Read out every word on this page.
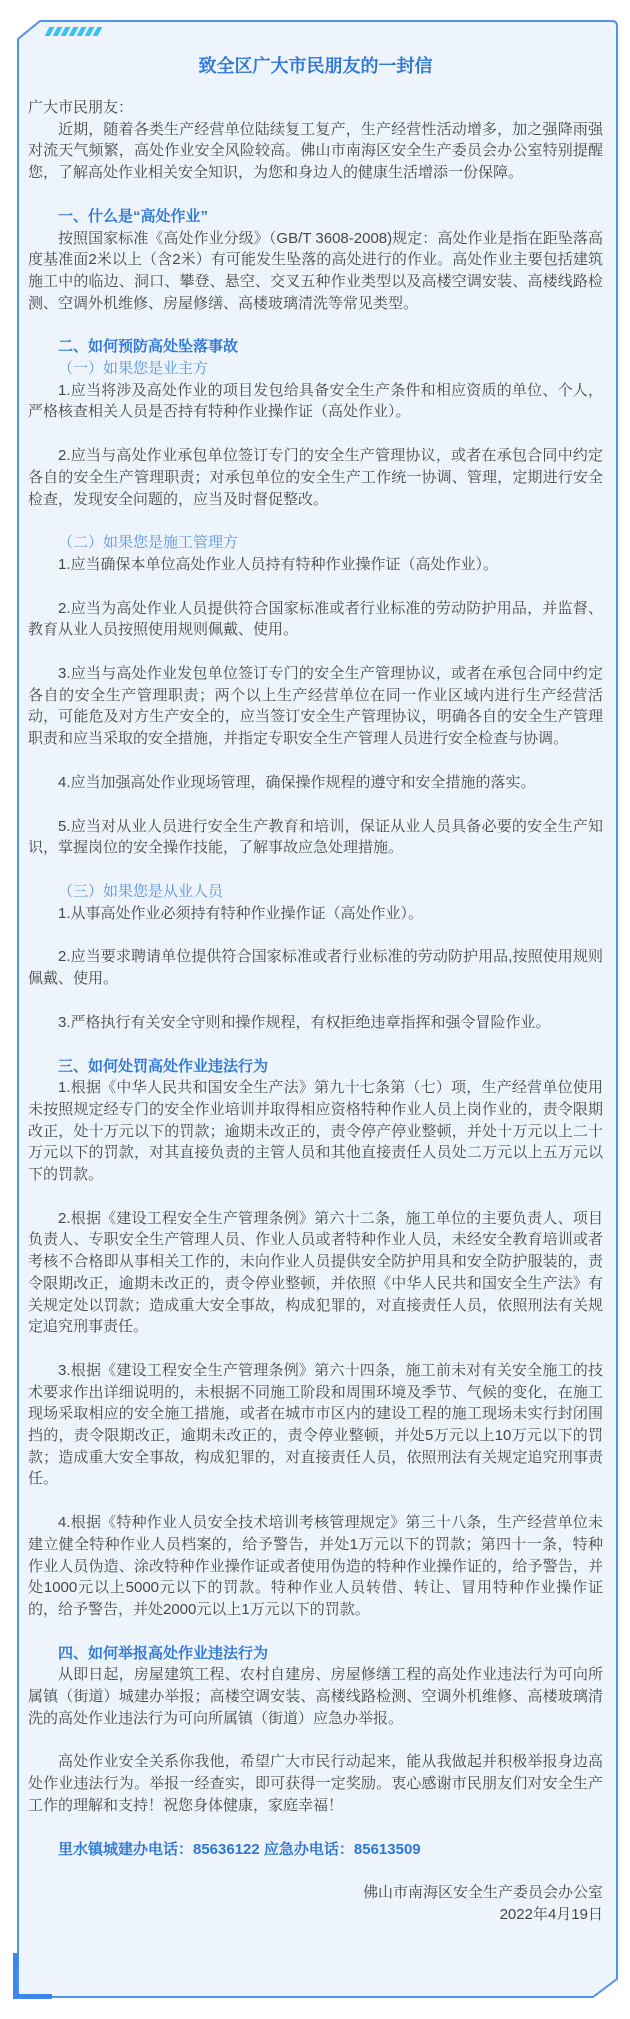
致全区广大市民朋友的一封信

广大市民朋友：

近期，随着各类生产经营单位陆续复工复产，生产经营性活动增多，加之强降雨强对流天气频繁，高处作业安全风险较高。佛山市南海区安全生产委员会办公室特别提醒您，了解高处作业相关安全知识，为您和身边人的健康生活增添一份保障。

一、什么是“高处作业”

按照国家标准《高处作业分级》（GB/T 3608-2008)规定：高处作业是指在距坠落高度基准面2米以上（含2米）有可能发生坠落的高处进行的作业。高处作业主要包括建筑施工中的临边、洞口、攀登、悬空、交叉五种作业类型以及高楼空调安装、高楼线路检测、空调外机维修、房屋修缮、高楼玻璃清洗等常见类型。

二、如何预防高处坠落事故

（一）如果您是业主方

1.应当将涉及高处作业的项目发包给具备安全生产条件和相应资质的单位、个人，严格核查相关人员是否持有特种作业操作证（高处作业）。

2.应当与高处作业承包单位签订专门的安全生产管理协议，或者在承包合同中约定各自的安全生产管理职责；对承包单位的安全生产工作统一协调、管理，定期进行安全检查，发现安全问题的，应当及时督促整改。

（二）如果您是施工管理方

1.应当确保本单位高处作业人员持有特种作业操作证（高处作业）。

2.应当为高处作业人员提供符合国家标准或者行业标准的劳动防护用品，并监督、教育从业人员按照使用规则佩戴、使用。

3.应当与高处作业发包单位签订专门的安全生产管理协议，或者在承包合同中约定各自的安全生产管理职责；两个以上生产经营单位在同一作业区域内进行生产经营活动，可能危及对方生产安全的，应当签订安全生产管理协议，明确各自的安全生产管理职责和应当采取的安全措施，并指定专职安全生产管理人员进行安全检查与协调。

4.应当加强高处作业现场管理，确保操作规程的遵守和安全措施的落实。

5.应当对从业人员进行安全生产教育和培训，保证从业人员具备必要的安全生产知识，掌握岗位的安全操作技能，了解事故应急处理措施。

（三）如果您是从业人员

1.从事高处作业必须持有特种作业操作证（高处作业）。

2.应当要求聘请单位提供符合国家标准或者行业标准的劳动防护用品,按照使用规则佩戴、使用。

3.严格执行有关安全守则和操作规程，有权拒绝违章指挥和强令冒险作业。

三、如何处罚高处作业违法行为

1.根据《中华人民共和国安全生产法》第九十七条第（七）项，生产经营单位使用未按照规定经专门的安全作业培训并取得相应资格特种作业人员上岗作业的，责令限期改正，处十万元以下的罚款；逾期未改正的，责令停产停业整顿，并处十万元以上二十万元以下的罚款，对其直接负责的主管人员和其他直接责任人员处二万元以上五万元以下的罚款。

2.根据《建设工程安全生产管理条例》第六十二条，施工单位的主要负责人、项目负责人、专职安全生产管理人员、作业人员或者特种作业人员，未经安全教育培训或者考核不合格即从事相关工作的，未向作业人员提供安全防护用具和安全防护服装的，责令限期改正，逾期未改正的，责令停业整顿，并依照《中华人民共和国安全生产法》有关规定处以罚款；造成重大安全事故，构成犯罪的，对直接责任人员，依照刑法有关规定追究刑事责任。

3.根据《建设工程安全生产管理条例》第六十四条，施工前未对有关安全施工的技术要求作出详细说明的，未根据不同施工阶段和周围环境及季节、气候的变化，在施工现场采取相应的安全施工措施，或者在城市市区内的建设工程的施工现场未实行封闭围挡的，责令限期改正，逾期未改正的，责令停业整顿，并处5万元以上10万元以下的罚款；造成重大安全事故，构成犯罪的，对直接责任人员，依照刑法有关规定追究刑事责任。

4.根据《特种作业人员安全技术培训考核管理规定》第三十八条，生产经营单位未建立健全特种作业人员档案的，给予警告，并处1万元以下的罚款；第四十一条，特种作业人员伪造、涂改特种作业操作证或者使用伪造的特种作业操作证的，给予警告，并处1000元以上5000元以下的罚款。特种作业人员转借、转让、冒用特种作业操作证的，给予警告，并处2000元以上1万元以下的罚款。

四、如何举报高处作业违法行为

从即日起，房屋建筑工程、农村自建房、房屋修缮工程的高处作业违法行为可向所属镇（街道）城建办举报；高楼空调安装、高楼线路检测、空调外机维修、高楼玻璃清洗的高处作业违法行为可向所属镇（街道）应急办举报。

高处作业安全关系你我他，希望广大市民行动起来，能从我做起并积极举报身边高处作业违法行为。举报一经查实，即可获得一定奖励。衷心感谢市民朋友们对安全生产工作的理解和支持！祝您身体健康，家庭幸福！

里水镇城建办电话：85636122 应急办电话：85613509

佛山市南海区安全生产委员会办公室

2022年4月19日
